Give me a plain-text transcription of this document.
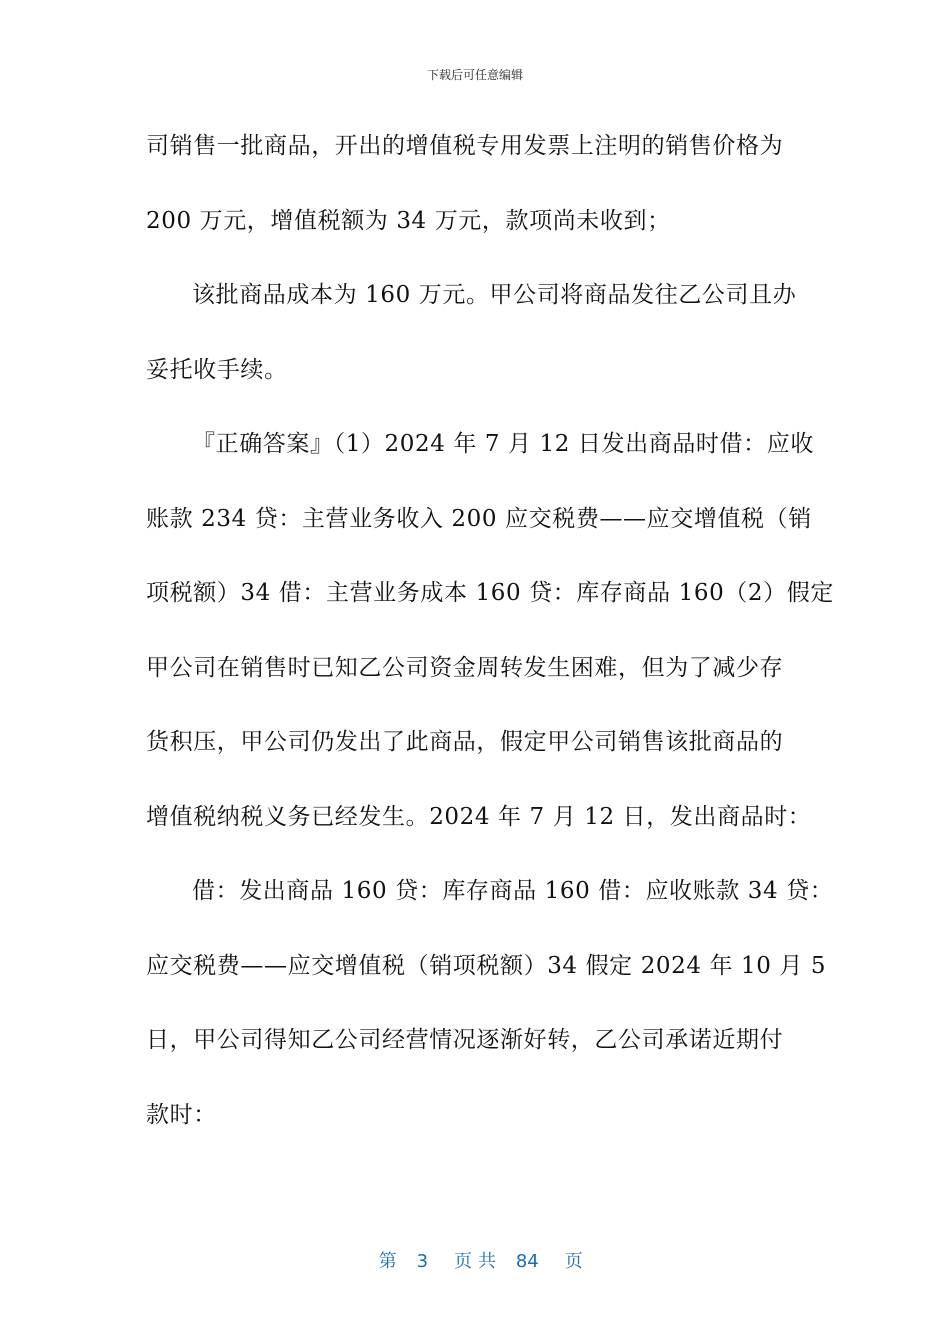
下载后可任意编辑
司销售一批商品，开出的增值税专用发票上注明的销售价格为
200 万元，增值税额为 34 万元，款项尚未收到；
该批商品成本为 160 万元。甲公司将商品发往乙公司且办
妥托收手续。
『正确答案』（1）2024 年 7 月 12 日发出商品时借：应收
账款 234 贷：主营业务收入 200 应交税费——应交增值税（销
项税额）34 借：主营业务成本 160 贷：库存商品 160（2）假定
甲公司在销售时已知乙公司资金周转发生困难，但为了减少存
货积压，甲公司仍发出了此商品，假定甲公司销售该批商品的
增值税纳税义务已经发生。2024 年 7 月 12 日，发出商品时：
借：发出商品 160 贷：库存商品 160 借：应收账款 34 贷：
应交税费——应交增值税（销项税额）34 假定 2024 年 10 月 5
日，甲公司得知乙公司经营情况逐渐好转，乙公司承诺近期付
款时：

第 3 页 共 84 页
